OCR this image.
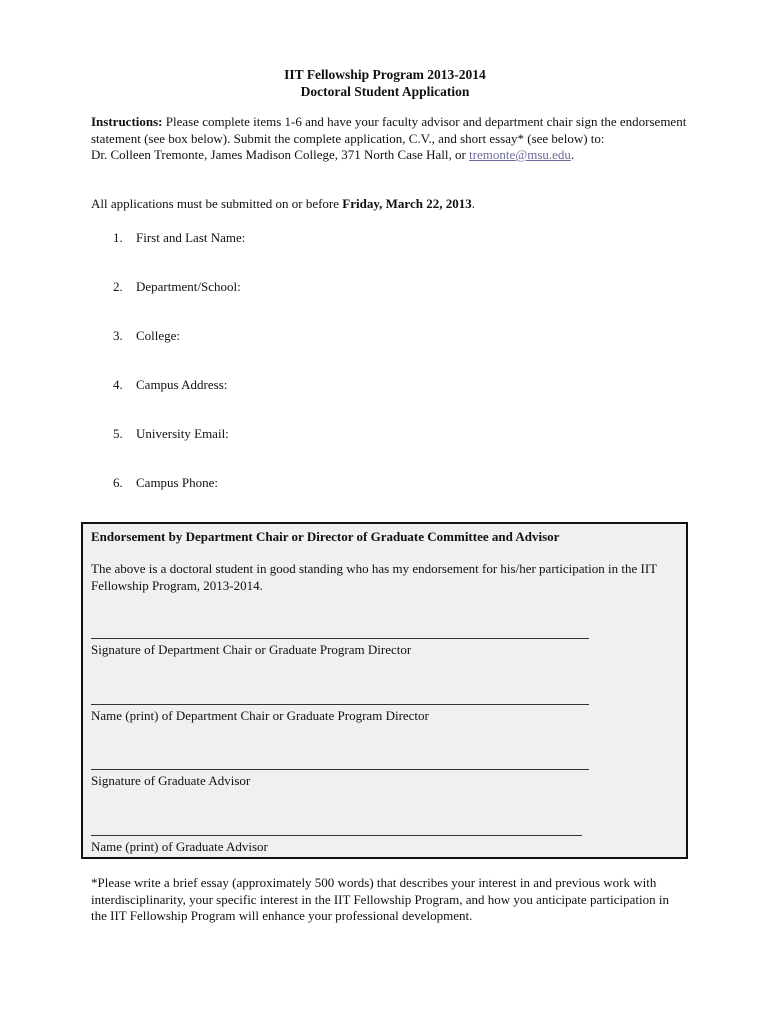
IIT Fellowship Program 2013-2014
Doctoral Student Application
Instructions: Please complete items 1-6 and have your faculty advisor and department chair sign the endorsement statement (see box below). Submit the complete application, C.V., and short essay* (see below) to:
Dr. Colleen Tremonte, James Madison College, 371 North Case Hall, or tremonte@msu.edu.
All applications must be submitted on or before Friday, March 22, 2013.
1. First and Last Name:
2. Department/School:
3. College:
4. Campus Address:
5. University Email:
6. Campus Phone:
Endorsement by Department Chair or Director of Graduate Committee and Advisor
The above is a doctoral student in good standing who has my endorsement for his/her participation in the IIT Fellowship Program, 2013-2014.
Signature of Department Chair or Graduate Program Director
Name (print) of Department Chair or Graduate Program Director
Signature of Graduate Advisor
Name (print) of Graduate Advisor
*Please write a brief essay (approximately 500 words) that describes your interest in and previous work with interdisciplinarity, your specific interest in the IIT Fellowship Program, and how you anticipate participation in the IIT Fellowship Program will enhance your professional development.
